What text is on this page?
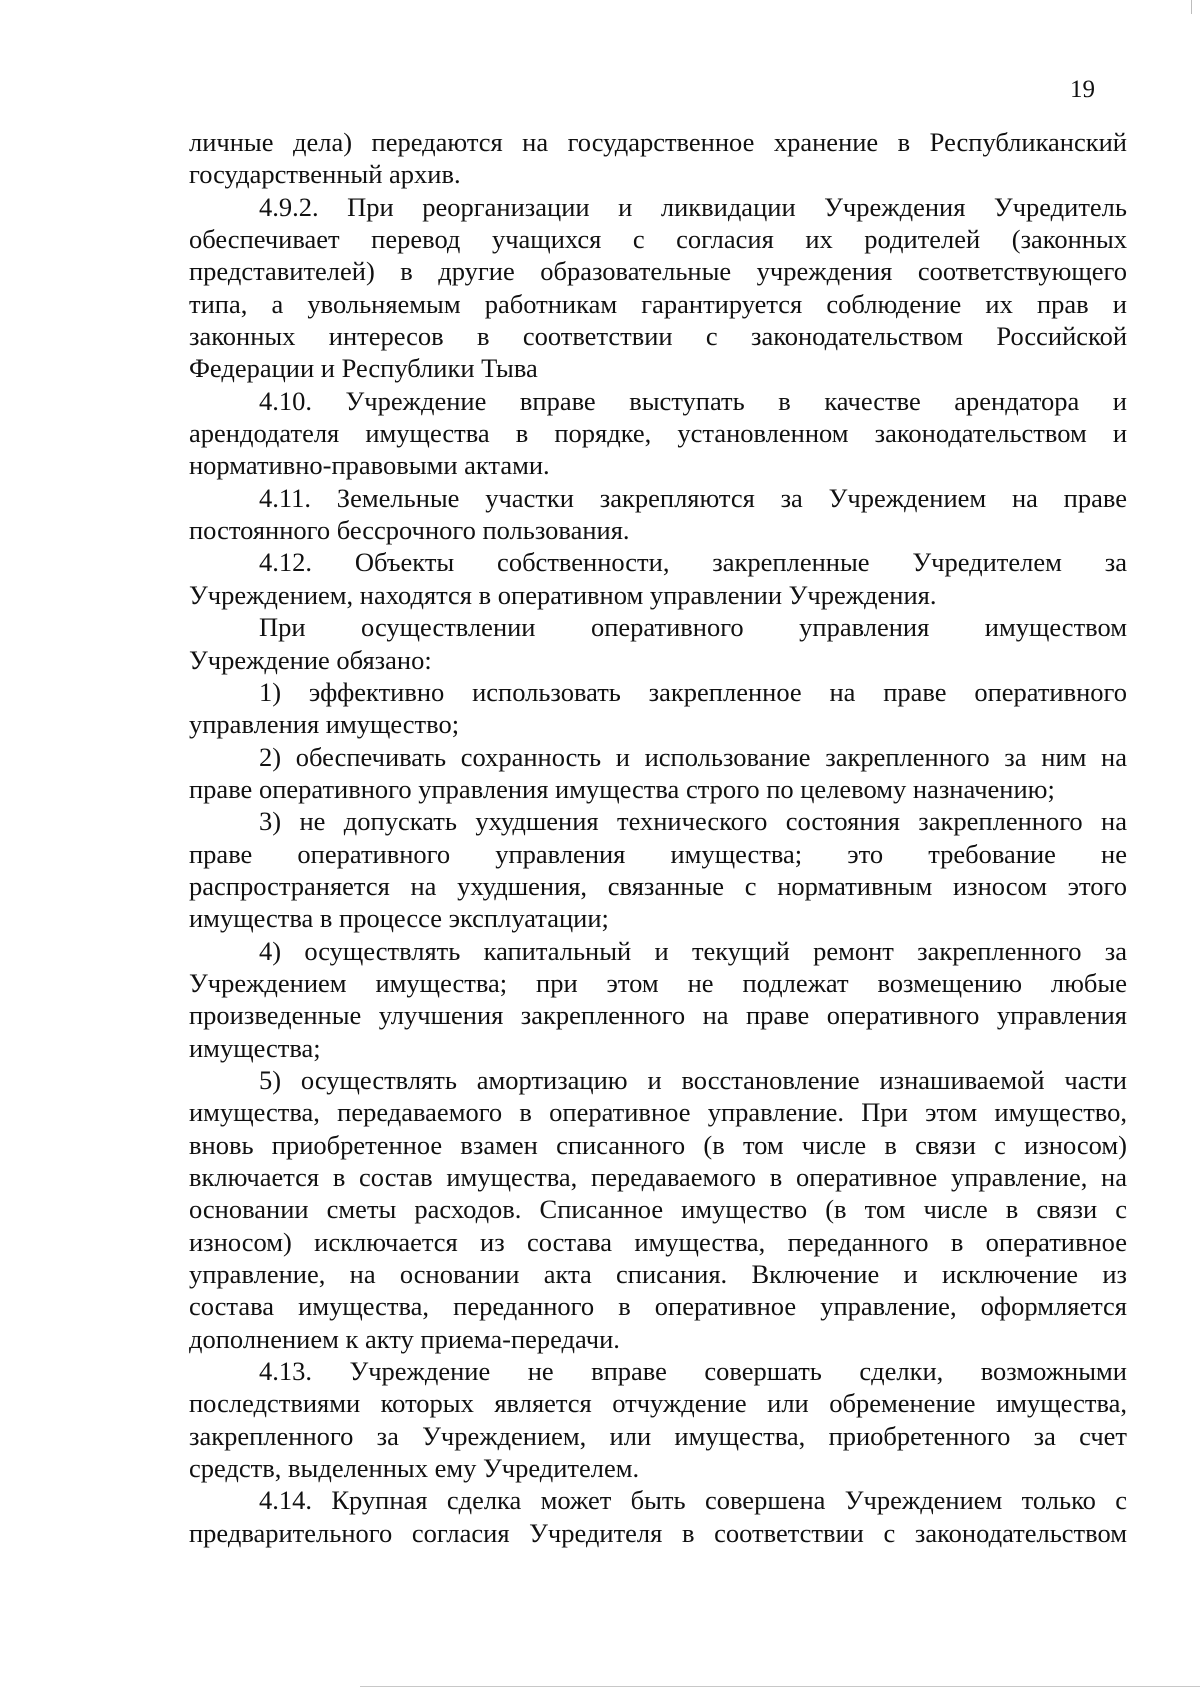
19

личные дела) передаются на государственное хранение в Республиканский
государственный архив.

4.9.2. При реорганизации и ликвидации Учреждения Учредитель
обеспечивает перевод учащихся с согласия их родителей (законных
представителей) в другие образовательные учреждения соответствующего
типа, а увольняемым работникам гарантируется соблюдение их прав и
законных интересов в соответствии с законодательством Российской
Федерации и Республики Тыва

4.10. Учреждение вправе выступать в качестве арендатора и
арендодателя имущества в порядке, установленном законодательством и
нормативно-правовыми актами.

4.11. Земельные участки закрепляются за Учреждением на праве
постоянного бессрочного пользования.

4.12. Объекты собственности, закрепленные Учредителем за
Учреждением, находятся в оперативном управлении Учреждения.

При осуществлении оперативного управления имуществом
Учреждение обязано:

1) эффективно использовать закрепленное на праве оперативного
управления имущество;

2) обеспечивать сохранность и использование закрепленного за ним на
праве оперативного управления имущества строго по целевому назначению;

3) не допускать ухудшения технического состояния закрепленного на
праве оперативного управления имущества; это требование не
распространяется на ухудшения, связанные с нормативным износом этого
имущества в процессе эксплуатации;

4) осуществлять капитальный и текущий ремонт закрепленного за
Учреждением имущества; при этом не подлежат возмещению любые
произведенные улучшения закрепленного на праве оперативного управления
имущества;

5) осуществлять амортизацию и восстановление изнашиваемой части
имущества, передаваемого в оперативное управление. При этом имущество,
вновь приобретенное взамен списанного (в том числе в связи с износом)
включается в состав имущества, передаваемого в оперативное управление, на
основании сметы расходов. Списанное имущество (в том числе в связи с
износом) исключается из состава имущества, переданного в оперативное
управление, на основании акта списания. Включение и исключение из
состава имущества, переданного в оперативное управление, оформляется
дополнением к акту приема-передачи.

4.13. Учреждение не вправе совершать сделки, возможными
последствиями которых является отчуждение или обременение имущества,
закрепленного за Учреждением, или имущества, приобретенного за счет
средств, выделенных ему Учредителем.

4.14. Крупная сделка может быть совершена Учреждением только с
предварительного согласия Учредителя в соответствии с законодательством
